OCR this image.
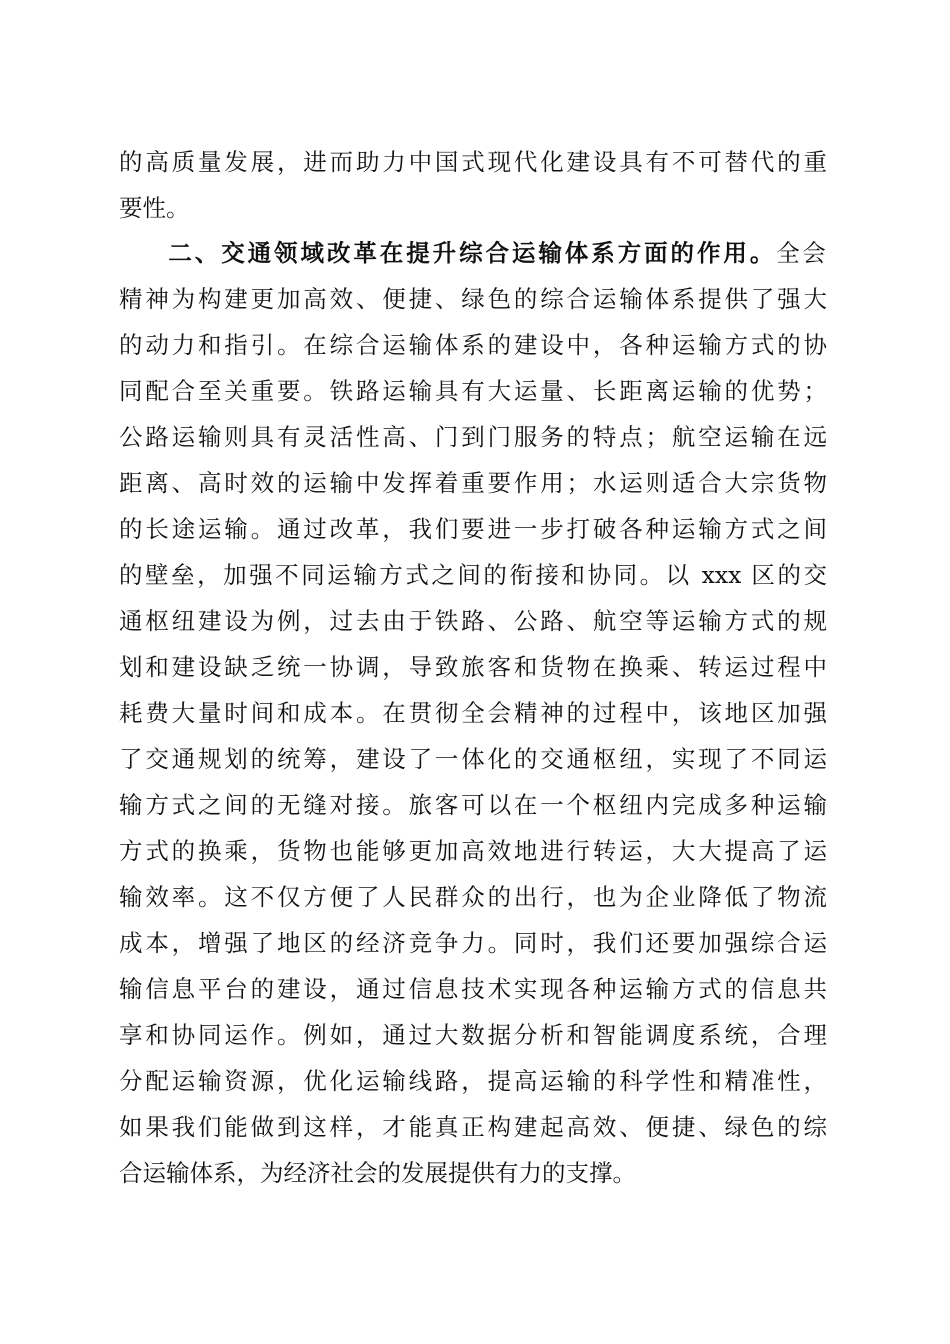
的高质量发展，进而助力中国式现代化建设具有不可替代的重
要性。
二、交通领域改革在提升综合运输体系方面的作用。全会
精神为构建更加高效、便捷、绿色的综合运输体系提供了强大
的动力和指引。在综合运输体系的建设中，各种运输方式的协
同配合至关重要。铁路运输具有大运量、长距离运输的优势；
公路运输则具有灵活性高、门到门服务的特点；航空运输在远
距离、高时效的运输中发挥着重要作用；水运则适合大宗货物
的长途运输。通过改革，我们要进一步打破各种运输方式之间
的壁垒，加强不同运输方式之间的衔接和协同。以 xxx 区的交
通枢纽建设为例，过去由于铁路、公路、航空等运输方式的规
划和建设缺乏统一协调，导致旅客和货物在换乘、转运过程中
耗费大量时间和成本。在贯彻全会精神的过程中，该地区加强
了交通规划的统筹，建设了一体化的交通枢纽，实现了不同运
输方式之间的无缝对接。旅客可以在一个枢纽内完成多种运输
方式的换乘，货物也能够更加高效地进行转运，大大提高了运
输效率。这不仅方便了人民群众的出行，也为企业降低了物流
成本，增强了地区的经济竞争力。同时，我们还要加强综合运
输信息平台的建设，通过信息技术实现各种运输方式的信息共
享和协同运作。例如，通过大数据分析和智能调度系统，合理
分配运输资源，优化运输线路，提高运输的科学性和精准性，
如果我们能做到这样，才能真正构建起高效、便捷、绿色的综
合运输体系，为经济社会的发展提供有力的支撑。
